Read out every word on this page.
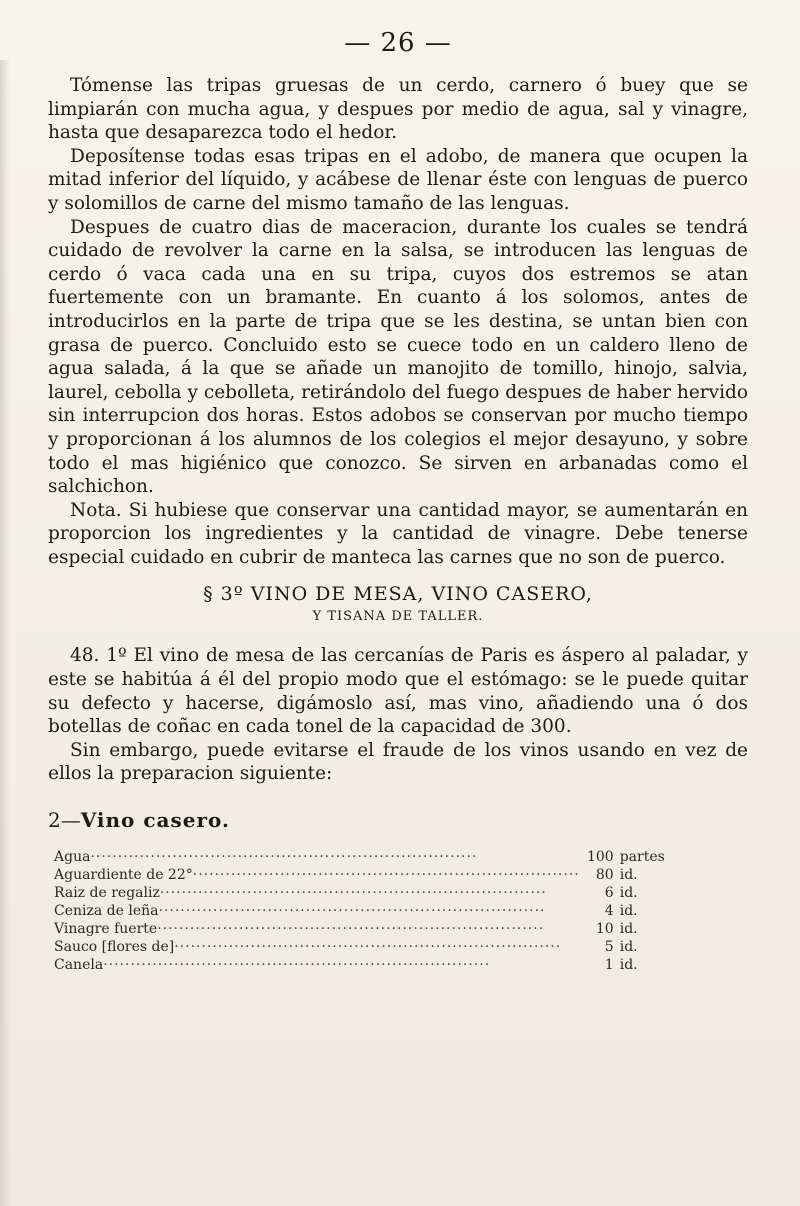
— 26 —

Tómense las tripas gruesas de un cerdo, carnero ó buey que se limpiarán con mucha agua, y despues por medio de agua, sal y vinagre, hasta que desaparezca todo el hedor.

Deposítense todas esas tripas en el adobo, de manera que ocupen la mitad inferior del líquido, y acábese de llenar éste con lenguas de puerco y solomillos de carne del mismo tamaño de las lenguas.

Despues de cuatro dias de maceracion, durante los cuales se tendrá cuidado de revolver la carne en la salsa, se introducen las lenguas de cerdo ó vaca cada una en su tripa, cuyos dos estremos se atan fuertemente con un bramante. En cuanto á los solomos, antes de introducirlos en la parte de tripa que se les destina, se untan bien con grasa de puerco. Concluido esto se cuece todo en un caldero lleno de agua salada, á la que se añade un manojito de tomillo, hinojo, salvia, laurel, cebolla y cebolleta, retirándolo del fuego despues de haber hervido sin interrupcion dos horas. Estos adobos se conservan por mucho tiempo y proporcionan á los alumnos de los colegios el mejor desayuno, y sobre todo el mas higiénico que conozco. Se sirven en arbanadas como el salchichon.

Nota. Si hubiese que conservar una cantidad mayor, se aumentarán en proporcion los ingredientes y la cantidad de vinagre. Debe tenerse especial cuidado en cubrir de manteca las carnes que no son de puerco.

§ 3º VINO DE MESA, VINO CASERO,
Y TISANA DE TALLER.

48. 1º El vino de mesa de las cercanías de Paris es áspero al paladar, y este se habitúa á él del propio modo que el estómago: se le puede quitar su defecto y hacerse, digámoslo así, mas vino, añadiendo una ó dos botellas de coñac en cada tonel de la capacidad de 300.

Sin embargo, puede evitarse el fraude de los vinos usando en vez de ellos la preparacion siguiente:

2—Vino casero.
Agua·······································································	100	partes
Aguardiente de 22°·······································································	80	id.
Raiz de regaliz·······································································	6	id.
Ceniza de leña·······································································	4	id.
Vinagre fuerte·······································································	10	id.
Sauco [flores de]·······································································	5	id.
Canela·······································································	1	id.
